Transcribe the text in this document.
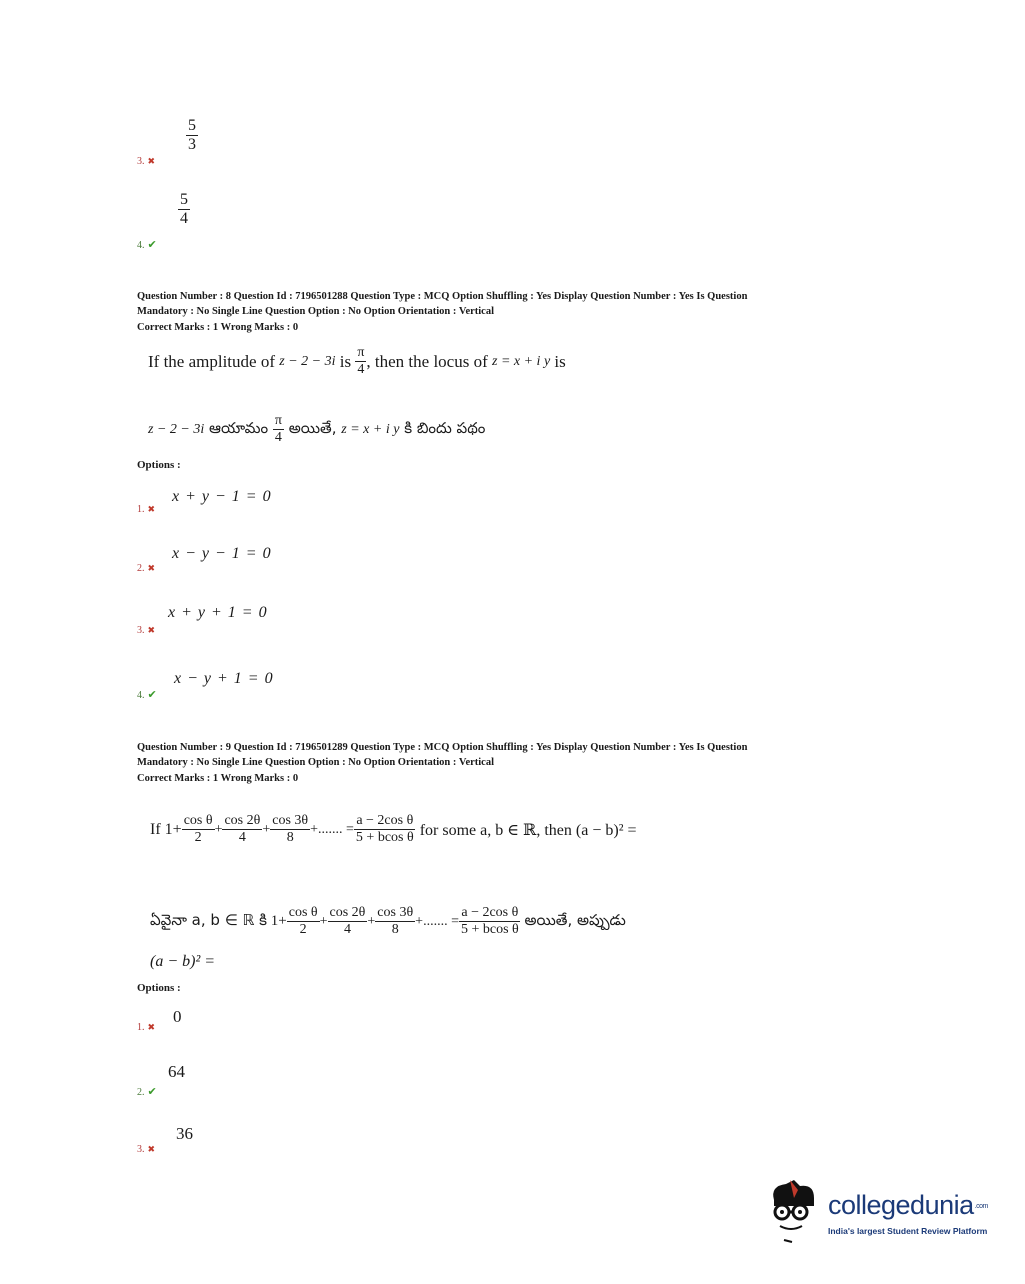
$\frac{5}{3}$
3. ✖
$\frac{5}{4}$
4. ✔
Question Number : 8 Question Id : 7196501288 Question Type : MCQ Option Shuffling : Yes Display Question Number : Yes Is Question
Mandatory : No Single Line Question Option : No Option Orientation : Vertical
Correct Marks : 1 Wrong Marks : 0
If the amplitude of
z − 2 − 3i
is
$\frac{\pi}{4}$ , then the locus of
z = x + i y
is
z − 2 − 3i
ఆయామం
$\frac{\pi}{4}$
అయితే,
z = x + i y
కి బిందు పథం
Options :
x + y − 1 = 0
1. ✖
x − y − 1 = 0
2. ✖
x + y + 1 = 0
3. ✖
x − y + 1 = 0
4. ✔
Question Number : 9 Question Id : 7196501289 Question Type : MCQ Option Shuffling : Yes Display Question Number : Yes Is Question
Mandatory : No Single Line Question Option : No Option Orientation : Vertical
Correct Marks : 1 Wrong Marks : 0
If
$1+ \frac{\text{cos θ}}{2} + \frac{\cos 2\theta}{4} + \frac{\cos 3\theta}{8}$ +....... = $\frac{\text{a − 2cos θ}}{\text{5 + bcos θ}}$
for some a, b ∈ ℝ, then (a − b)² =
ఏవైనా a, b ∈ ℝ కి
$1+ \frac{\text{cos θ}}{2} + \frac{\cos 2\theta}{4} + \frac{\cos 3\theta}{8}$ +....... = $\frac{\text{a − 2cos θ}}{\text{5 + bcos θ}}$
అయితే, అప్పుడు
(a − b)² =
Options :
0
1. ✖
64
2. ✔
36
3. ✖
collegedunia.com
India's largest Student Review Platform
